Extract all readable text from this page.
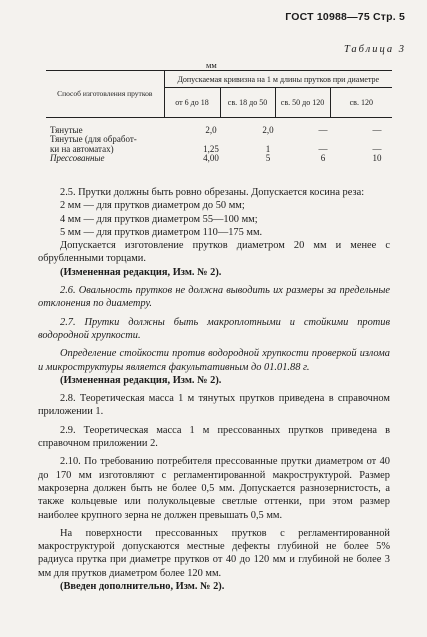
ГОСТ 10988—75 Стр. 5
Таблица 3
мм
Способ изготовления прутков	Допускаемая кривизна на 1 м длины прутков при диаметре			
	от 6 до 18	св. 18 до 50	св. 50 до 120	св. 120
Тянутые	2,0	2,0	—	—
Тянутые (для обработ-
ки на автоматах)	1,25	1	—	—
Прессованные	4,00	5	6	10

2.5. Прутки должны быть ровно обрезаны. Допускается косина реза:

2 мм — для прутков диаметром до 50 мм;

4 мм — для прутков диаметром 55—100 мм;

5 мм — для прутков диаметром 110—175 мм.

Допускается изготовление прутков диаметром 20 мм и менее с обрубленными торцами.

(Измененная редакция, Изм. № 2).

2.6. Овальность прутков не должна выводить их размеры за предельные отклонения по диаметру.

2.7. Прутки должны быть макроплотными и стойкими против водородной хрупкости.

Определение стойкости против водородной хрупкости проверкой излома и микроструктуры является факультативным до 01.01.88 г.

(Измененная редакция, Изм. № 2).

2.8. Теоретическая масса 1 м тянутых прутков приведена в справочном приложении 1.

2.9. Теоретическая масса 1 м прессованных прутков приведена в справочном приложении 2.

2.10. По требованию потребителя прессованные прутки диаметром от 40 до 170 мм изготовляют с регламентированной макроструктурой. Размер макрозерна должен быть не более 0,5 мм. Допускается разнозернистость, а также кольцевые или полукольцевые светлые оттенки, при этом размер наиболее крупного зерна не должен превышать 0,5 мм.

На поверхности прессованных прутков с регламентированной макроструктурой допускаются местные дефекты глубиной не более 5% радиуса прутка при диаметре прутков от 40 до 120 мм и глубиной не более 3 мм для прутков диаметром более 120 мм.

(Введен дополнительно, Изм. № 2).
